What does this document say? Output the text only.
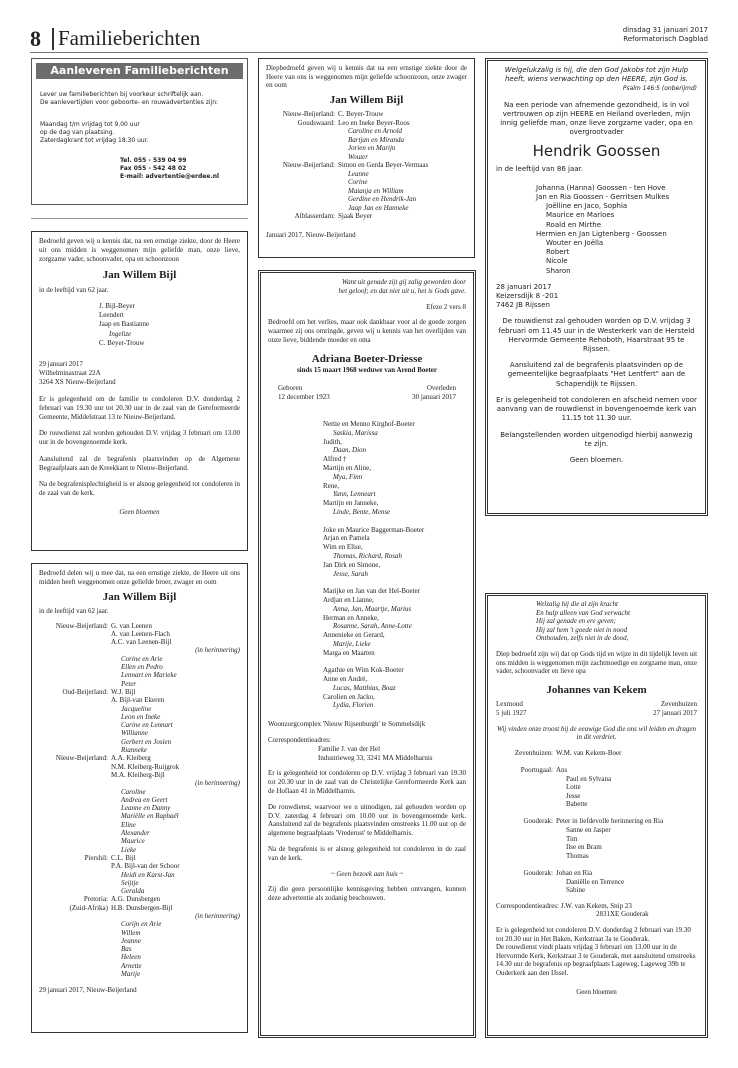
8 Familieberichten	dinsdag 31 januari 2017
Reformatorisch Dagblad
Aanleveren Familieberichten
Lever uw familieberichten bij voorkeur schriftelijk aan.
De aanlevertijden voor geboorte- en rouwadvertenties zijn:
Maandag t/m vrijdag tot 9.00 uur
op de dag van plaatsing.
Zaterdagkrant tot vrijdag 18.30 uur.
Tel. 055 - 539 04 99
Fax 055 - 542 48 02
E-mail: advertentie@erdee.nl
Bedroefd geven wij u kennis dat, na een ernstige ziekte, door de Heere uit ons midden is weggenomen mijn geliefde man, onze lieve, zorgzame vader, schoonvader, opa en schoonzoon
Jan Willem Bijl
in de leeftijd van 62 jaar.
J. Bijl-Beyer
Leendert
Jaap en Bastianne
Ingelize
C. Beyer-Trouw
29 januari 2017
Wilhelminastraat 22A
3264 XS Nieuw-Beijerland
Er is gelegenheid om de familie te condoleren D.V. donderdag 2 februari van 19.30 uur tot 20.30 uur in de zaal van de Gereformeerde Gemeente, Middelstraat 13 te Nieuw-Beijerland.
De rouwdienst zal worden gehouden D.V. vrijdag 3 februari om 13.00 uur in de bovengenoemde kerk.
Aansluitend zal de begrafenis plaatsvinden op de Algemene Begraafplaats aan de Kreekkant te Nieuw-Beijerland.
Na de begrafenisplechtigheid is er alsnog gelegenheid tot condoleren in de zaal van de kerk.
Geen bloemen
Bedroefd delen wij u mee dat, na een ernstige ziekte, de Heere uit ons midden heeft weggenomen onze geliefde broer, zwager en oom
Jan Willem Bijl
in de leeftijd van 62 jaar.
Nieuw-Beijerland: G. van Leenen
A. van Leenen-Flach
A.C. van Leenen-Bijl
(in herinnering)
Corine en Arie
Ellen en Pedro
Lennart en Marieke
Peter
Oud-Beijerland: W.J. Bijl
A. Bijl-van Ekeren
Jacqueline
Leon en Ineke
Carine en Lennart
Willianne
Gerbert en Josien
Rianneke
Nieuw-Beijerland: A.A. Kleiberg
N.M. Kleiberg-Ruijgrok
M.A. Kleiberg-Bijl
(in herinnering)
Caroline
Andrea en Geert
Leanne en Danny
Mariëlle en Raphaël
Eline
Alexander
Maurice
Lieke
Piershil: C.L. Bijl
P.A. Bijl-van der Schoor
Heidi en Karst-Jan
Seijtje
Geralda
Pretoria: A.G. Dunsbergen
(Zuid-Afrika) H.B. Dunsbergen-Bijl
(in herinnering)
Corijn en Arie
Willem
Jeanne
Bas
Heleen
Arnette
Marije
29 januari 2017, Nieuw-Beijerland
Diepbedroefd geven wij u kennis dat na een ernstige ziekte door de Heere van ons is weggenomen mijn geliefde schoonzoon, onze zwager en oom
Jan Willem Bijl
Nieuw-Beijerland: C. Beyer-Trouw
Goudswaard: Leo en Ineke Beyer-Roos
Caroline en Arnold
Bartjan en Miranda
Jorien en Marijn
Wouter
Nieuw-Beijerland: Simon en Gerda Beyer-Vermaas
Leanne
Corine
Matanja en William
Gerdine en Hendrik-Jan
Jaap Jan en Hanneke
Alblasserdam: Sjaak Beyer
Januari 2017, Nieuw-Beijerland
Want uit genade zijt gij zalig geworden door
het geloof; en dat niet uit u, het is Gods gave.
Efeze 2 vers 8
Bedroefd om het verlies, maar ook dankbaar voor al de goede zorgen waarmee zij ons omringde, geven wij u kennis van het overlijden van onze lieve, biddende moeder en oma
Adriana Boeter-Driesse
sinds 15 maart 1968 weduwe van Arend Boeter
Geboren
12 december 1923
Overleden
30 januari 2017
Nettie en Menno Kirghof-Boeter
Saskia, Marissa
Judith,
Daan, Dion
Alfred †
Martijn en Aline,
Mya, Finn
Rene,
Yann, Lenneart
Martijn en Janneke,
Linde, Bente, Mense

Joke en Maurice Baggerman-Boeter
Arjan en Pamela
Wim en Elise,
Thomas, Richard, Rosah
Jan Dirk en Simone,
Jesse, Sarah

Marijke en Jan van der Hel-Boeter
Ardjan en Lianne,
Anna, Jan, Maartje, Marius
Herman en Anneke,
Rosanne, Sarah, Anne-Lotte
Annenieke en Gerard,
Marije, Lieke
Marga en Maarten

Agathie en Wim Kok-Boeter
Anne en André,
Lucas, Matthias, Boaz
Carolien en Jacko,
Lydia, Florien
Woonzorgcomplex 'Nieuw Rijsenburgh' te Sommelsdijk
Correspondentieadres:
Familie J. van der Hel
Industrieweg 33, 3241 MA Middelharnis
Er is gelegenheid tot condoleren op D.V. vrijdag 3 februari van 19.30 tot 20.30 uur in de zaal van de Christelijke Gereformeerde Kerk aan de Hoflaan 41 in Middelharnis.
De rouwdienst, waarvoor we u uitnodigen, zal gehouden worden op D.V. zaterdag 4 februari om 10.00 uur in bovengenoemde kerk. Aansluitend zal de begrafenis plaatsvinden omstreeks 11.00 uur op de algemene begraafplaats 'Vrederust' te Middelharnis.
Na de begrafenis is er alsnog gelegenheid tot condoleren in de zaal van de kerk.
~ Geen bezoek aan huis ~
Zij die geen persoonlijke kennisgeving hebben ontvangen, kunnen deze advertentie als zodanig beschouwen.
Welgelukzalig is hij, die den God Jakobs tot zijn Hulp
heeft, wiens verwachting op den HEERE, zijn God is.
Psalm 146:5 (onberijmd)
Na een periode van afnemende gezondheid, is in vol vertrouwen op zijn HEERE en Heiland overleden, mijn innig geliefde man, onze lieve zorgzame vader, opa en overgrootvader
Hendrik Goossen
in de leeftijd van 86 jaar.
Johanna (Hanna) Goossen - ten Hove
Jan en Ria Goossen - Gerritsen Mulkes
Joëlline en Jaco, Sophia
Maurice en Marloes
Roald en Mirthe
Hermien en Jan Ligtenberg - Goossen
Wouter en Joëlla
Robert
Nicole
Sharon
28 januari 2017
Keizersdijk 8 -201
7462 JB Rijssen
De rouwdienst zal gehouden worden op D.V. vrijdag 3 februari om 11.45 uur in de Westerkerk van de Hersteld Hervormde Gemeente Rehoboth, Haarstraat 95 te Rijssen.
Aansluitend zal de begrafenis plaatsvinden op de gemeentelijke begraafplaats "Het Lentfert" aan de Schapendijk te Rijssen.
Er is gelegenheid tot condoleren en afscheid nemen voor aanvang van de rouwdienst in bovengenoemde kerk van 11.15 tot 11.30 uur.
Belangstellenden worden uitgenodigd hierbij aanwezig te zijn.
Geen bloemen.
Welzalig hij die al zijn kracht
En hulp alleen van God verwacht
Hij zal genade en ere geven;
Hij zal hem 't goede niet in nood
Onthouden, zelfs niet in de dood,
Diep bedroefd zijn wij dat op Gods tijd en wijze in dit tijdelijk leven uit ons midden is weggenomen mijn zachtmoedige en zorgzame man, onze vader, schoonvader en lieve opa
Johannes van Kekem
Lexmond
5 juli 1927
Zevenhuizen
27 januari 2017
Wij vinden onze troost bij de eeuwige God die ons wil leiden en dragen in dit verdriet.
Zevenhuizen: W.M. van Kekem-Boer

Poortugaal: Ans
Paul en Sylvana
Lotte
Jesse
Babette

Gouderak: Peter in liefdevolle herinnering en Ria
Sanne en Jasper
Tim
Ilse en Bram
Thomas

Gouderak: Johan en Ria
Daniëlle en Terrence
Sabine
Correspondentieadres: J.W. van Kekem, Snip 23
2831XE Gouderak
Er is gelegenheid tot condoleren D.V. donderdag 2 februari van 19.30 tot 20.30 uur in Het Baken, Kerkstraat 3a te Gouderak.
De rouwdienst vindt plaats vrijdag 3 februari om 13.00 uur in de Hervormde Kerk, Kerkstraat 3 te Gouderak, met aansluitend omstreeks 14.30 uur de begrafenis op begraafplaats Lageweg, Lageweg 39b te Ouderkerk aan den IJssel.
Geen bloemen
